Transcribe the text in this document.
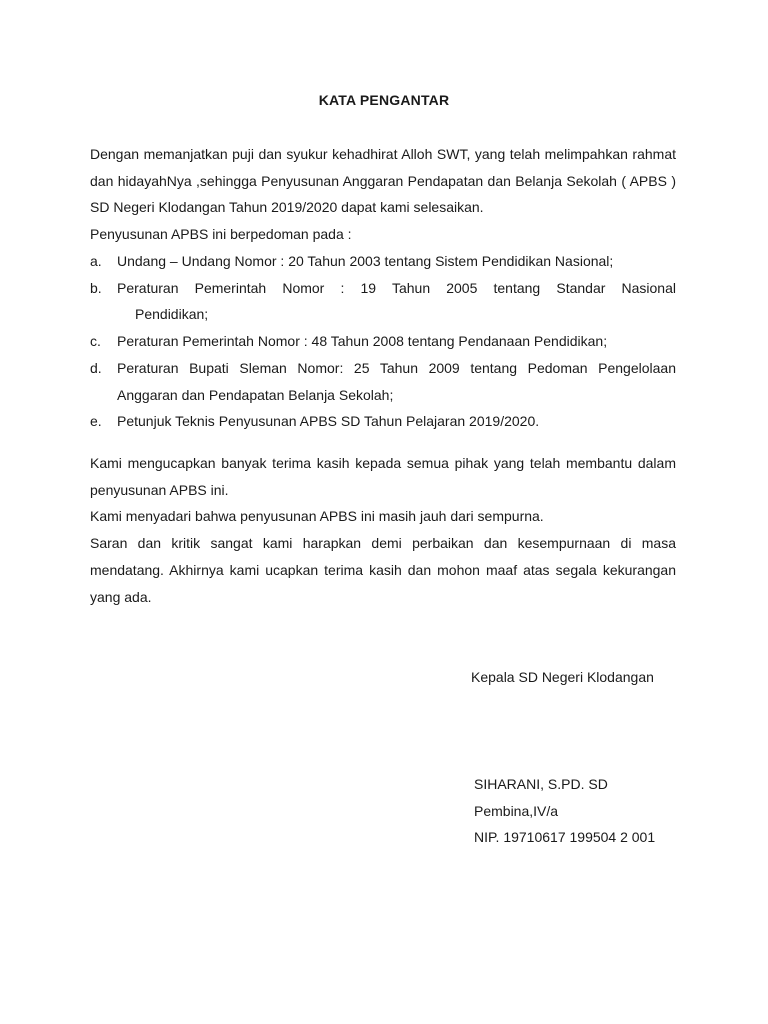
KATA PENGANTAR
Dengan memanjatkan puji dan syukur kehadhirat Alloh SWT, yang telah melimpahkan rahmat dan hidayahNya ,sehingga Penyusunan Anggaran Pendapatan dan Belanja Sekolah ( APBS ) SD Negeri Klodangan Tahun 2019/2020 dapat kami selesaikan.
Penyusunan APBS ini berpedoman pada :
a. Undang – Undang Nomor : 20 Tahun 2003 tentang Sistem Pendidikan Nasional;
b. Peraturan Pemerintah Nomor : 19 Tahun 2005 tentang Standar Nasional
Pendidikan;
c. Peraturan Pemerintah Nomor : 48 Tahun 2008 tentang Pendanaan Pendidikan;
d. Peraturan Bupati Sleman Nomor: 25 Tahun 2009 tentang Pedoman Pengelolaan Anggaran dan Pendapatan Belanja Sekolah;
e. Petunjuk Teknis Penyusunan APBS SD Tahun Pelajaran 2019/2020.
Kami mengucapkan banyak terima kasih kepada semua pihak yang telah membantu dalam penyusunan APBS ini.
Kami menyadari bahwa penyusunan APBS ini masih jauh dari sempurna.
Saran dan kritik sangat kami harapkan demi perbaikan dan kesempurnaan di masa mendatang. Akhirnya kami ucapkan terima kasih dan mohon maaf atas segala kekurangan yang ada.
Kepala SD Negeri Klodangan
SIHARANI, S.PD. SD
Pembina,IV/a
NIP. 19710617 199504 2 001
